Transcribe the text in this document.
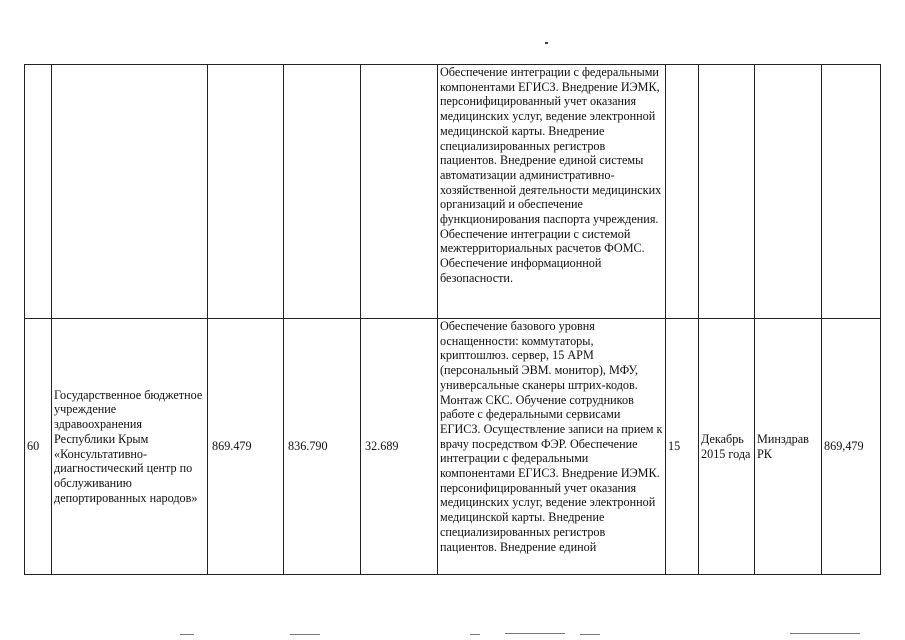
					Обеспечение интеграции с федеральными компонентами ЕГИСЗ. Внедрение ИЭМК, персонифицированный учет оказания медицинских услуг, ведение электронной медицинской карты. Внедрение специализированных регистров пациентов. Внедрение единой системы автоматизации административно-хозяйственной деятельности медицинских организаций и обеспечение функционирования паспорта учреждения. Обеспечение интеграции с системой межтерриториальных расчетов ФОМС. Обеспечение информационной безопасности.				

60	Государственное бюджетное учреждение здравоохранения Республики Крым «Консультативно-диагностический центр по обслуживанию депортированных народов»	869.479	836.790	32.689	Обеспечение базового уровня оснащенности: коммутаторы, криптошлюз. сервер, 15 АРМ (персональный ЭВМ. монитор), МФУ, универсальные сканеры штрих-кодов. Монтаж СКС. Обучение сотрудников работе с федеральными сервисами ЕГИСЗ. Осуществление записи на прием к врачу посредством ФЭР. Обеспечение интеграции с федеральными компонентами ЕГИСЗ. Внедрение ИЭМК. персонифицированный учет оказания медицинских услуг, ведение электронной медицинской карты. Внедрение специализированных регистров пациентов. Внедрение единой	15	Декабрь 2015 года	Минздрав РК	869,479
